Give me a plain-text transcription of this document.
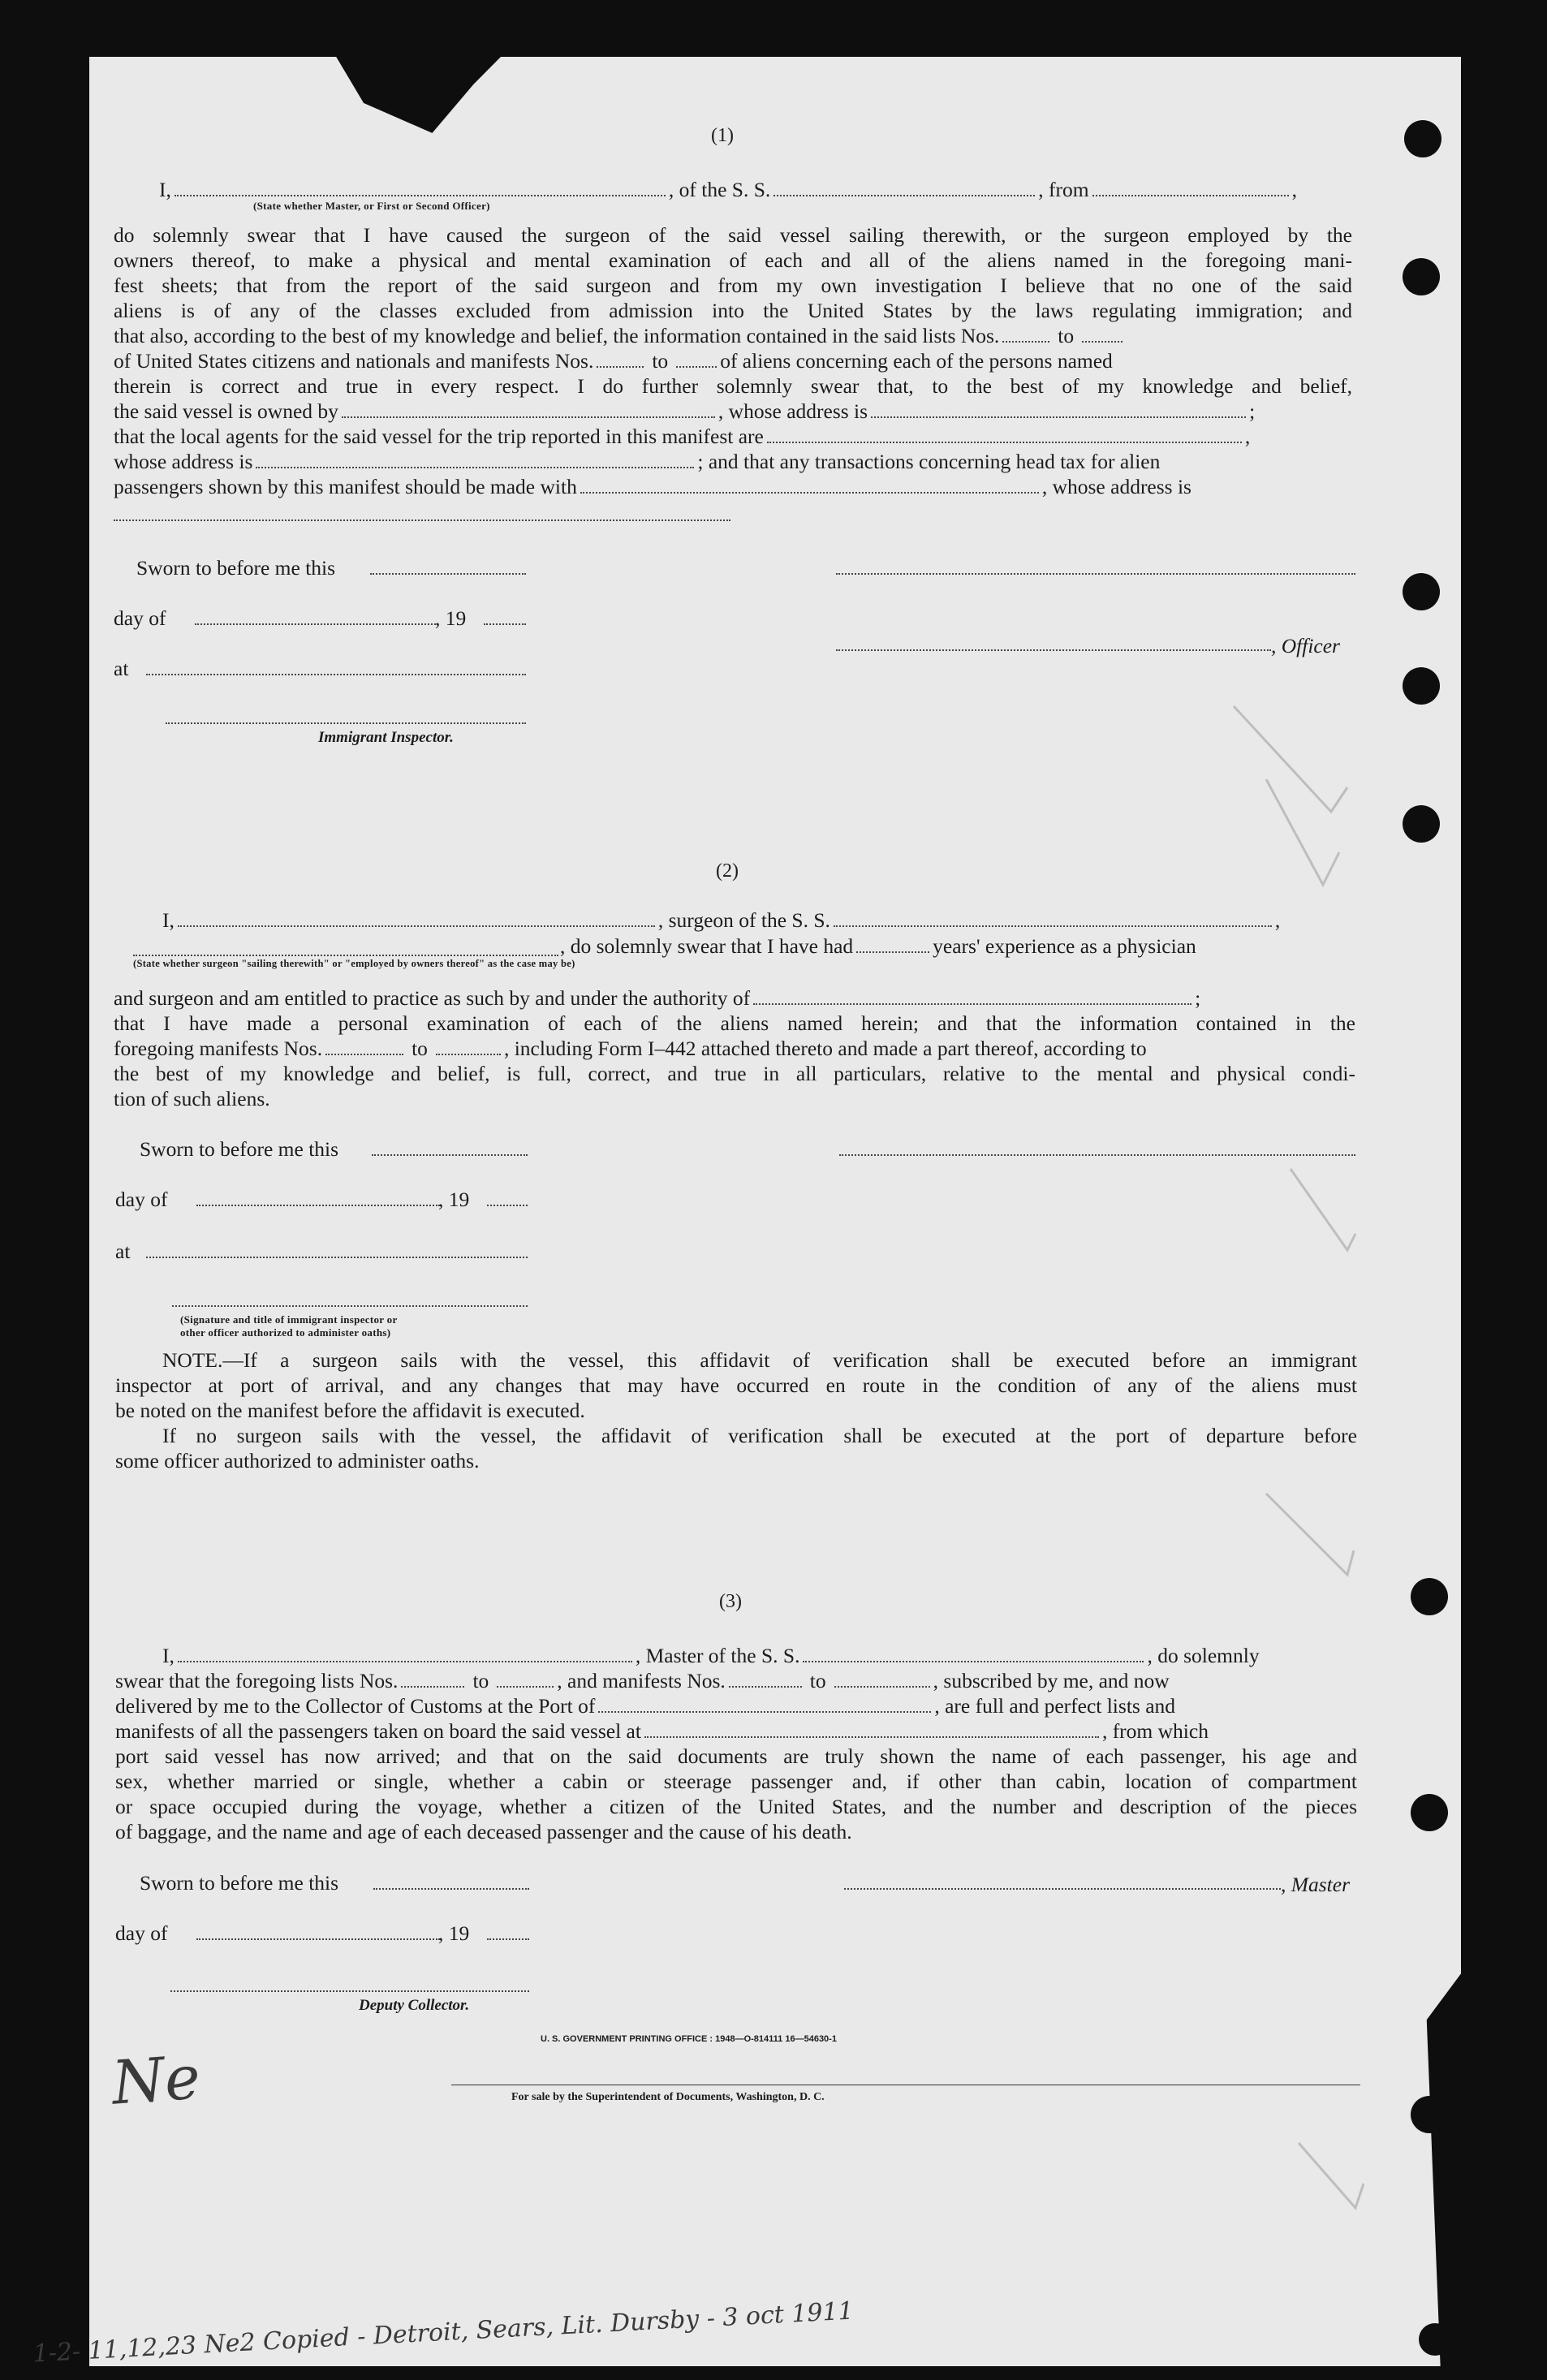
(1)
I,	, of the S. S.	, from	,
(State whether Master, or First or Second Officer)
do solemnly swear that I have caused the surgeon of the said vessel sailing therewith, or the surgeon employed by the
owners thereof, to make a physical and mental examination of each and all of the aliens named in the foregoing mani-
fest sheets; that from the report of the said surgeon and from my own investigation I believe that no one of the said
aliens is of any of the classes excluded from admission into the United States by the laws regulating immigration; and
that also, according to the best of my knowledge and belief, the information contained in the said lists Nos.	to
of United States citizens and nationals and manifests Nos.	to	of aliens concerning each of the persons named
therein is correct and true in every respect. I do further solemnly swear that, to the best of my knowledge and belief,
the said vessel is owned by	, whose address is	;
that the local agents for the said vessel for the trip reported in this manifest are	,
whose address is	; and that any transactions concerning head tax for alien
passengers shown by this manifest should be made with	, whose address is
Sworn to before me this
day of	, 19
at
, Officer
Immigrant Inspector.
(2)
I,	, surgeon of the S. S.	,
, do solemnly swear that I have had	years' experience as a physician
(State whether surgeon "sailing therewith" or "employed by owners thereof" as the case may be)
and surgeon and am entitled to practice as such by and under the authority of	;
that I have made a personal examination of each of the aliens named herein; and that the information contained in the
foregoing manifests Nos.	to	, including Form I–442 attached thereto and made a part thereof, according to
the best of my knowledge and belief, is full, correct, and true in all particulars, relative to the mental and physical condi-
tion of such aliens.
Sworn to before me this
day of	, 19
at
(Signature and title of immigrant inspector or
other officer authorized to administer oaths)
NOTE.—If a surgeon sails with the vessel, this affidavit of verification shall be executed before an immigrant
inspector at port of arrival, and any changes that may have occurred en route in the condition of any of the aliens must
be noted on the manifest before the affidavit is executed.
If no surgeon sails with the vessel, the affidavit of verification shall be executed at the port of departure before
some officer authorized to administer oaths.
(3)
I,	, Master of the S. S.	, do solemnly
swear that the foregoing lists Nos.	to	, and manifests Nos.	to	, subscribed by me, and now
delivered by me to the Collector of Customs at the Port of	, are full and perfect lists and
manifests of all the passengers taken on board the said vessel at	, from which
port said vessel has now arrived; and that on the said documents are truly shown the name of each passenger, his age and
sex, whether married or single, whether a cabin or steerage passenger and, if other than cabin, location of compartment
or space occupied during the voyage, whether a citizen of the United States, and the number and description of the pieces
of baggage, and the name and age of each deceased passenger and the cause of his death.
Sworn to before me this	, Master
day of	, 19
Deputy Collector.
U. S. GOVERNMENT PRINTING OFFICE : 1948—O-814111 16—54630-1
For sale by the Superintendent of Documents, Washington, D. C.
Ne
1-2- 11,12,23 Ne2 Copied - Detroit, Sears, Lit. Dursby - 3 oct 1911
